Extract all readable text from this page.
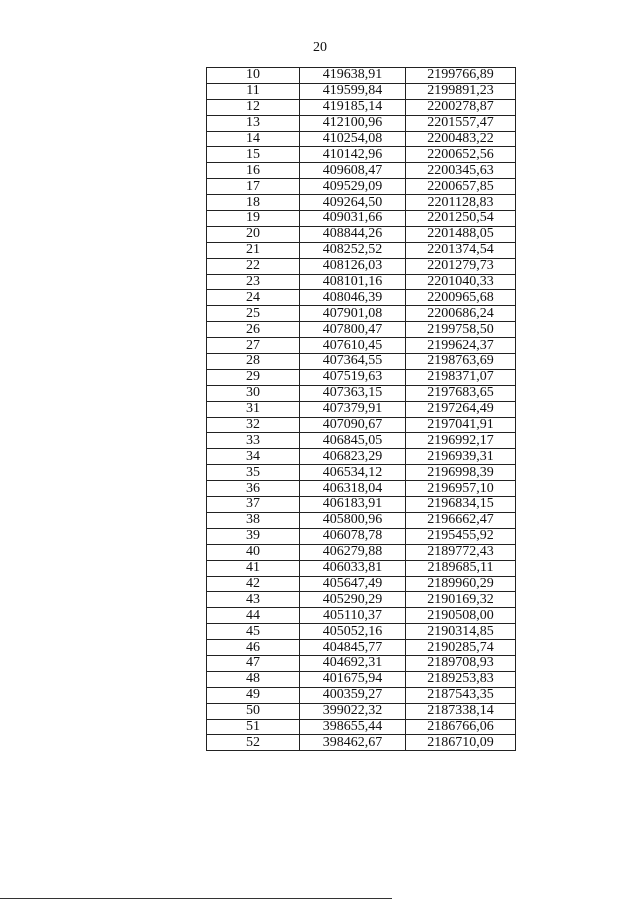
20
10	419638,91	2199766,89
11	419599,84	2199891,23
12	419185,14	2200278,87
13	412100,96	2201557,47
14	410254,08	2200483,22
15	410142,96	2200652,56
16	409608,47	2200345,63
17	409529,09	2200657,85
18	409264,50	2201128,83
19	409031,66	2201250,54
20	408844,26	2201488,05
21	408252,52	2201374,54
22	408126,03	2201279,73
23	408101,16	2201040,33
24	408046,39	2200965,68
25	407901,08	2200686,24
26	407800,47	2199758,50
27	407610,45	2199624,37
28	407364,55	2198763,69
29	407519,63	2198371,07
30	407363,15	2197683,65
31	407379,91	2197264,49
32	407090,67	2197041,91
33	406845,05	2196992,17
34	406823,29	2196939,31
35	406534,12	2196998,39
36	406318,04	2196957,10
37	406183,91	2196834,15
38	405800,96	2196662,47
39	406078,78	2195455,92
40	406279,88	2189772,43
41	406033,81	2189685,11
42	405647,49	2189960,29
43	405290,29	2190169,32
44	405110,37	2190508,00
45	405052,16	2190314,85
46	404845,77	2190285,74
47	404692,31	2189708,93
48	401675,94	2189253,83
49	400359,27	2187543,35
50	399022,32	2187338,14
51	398655,44	2186766,06
52	398462,67	2186710,09
